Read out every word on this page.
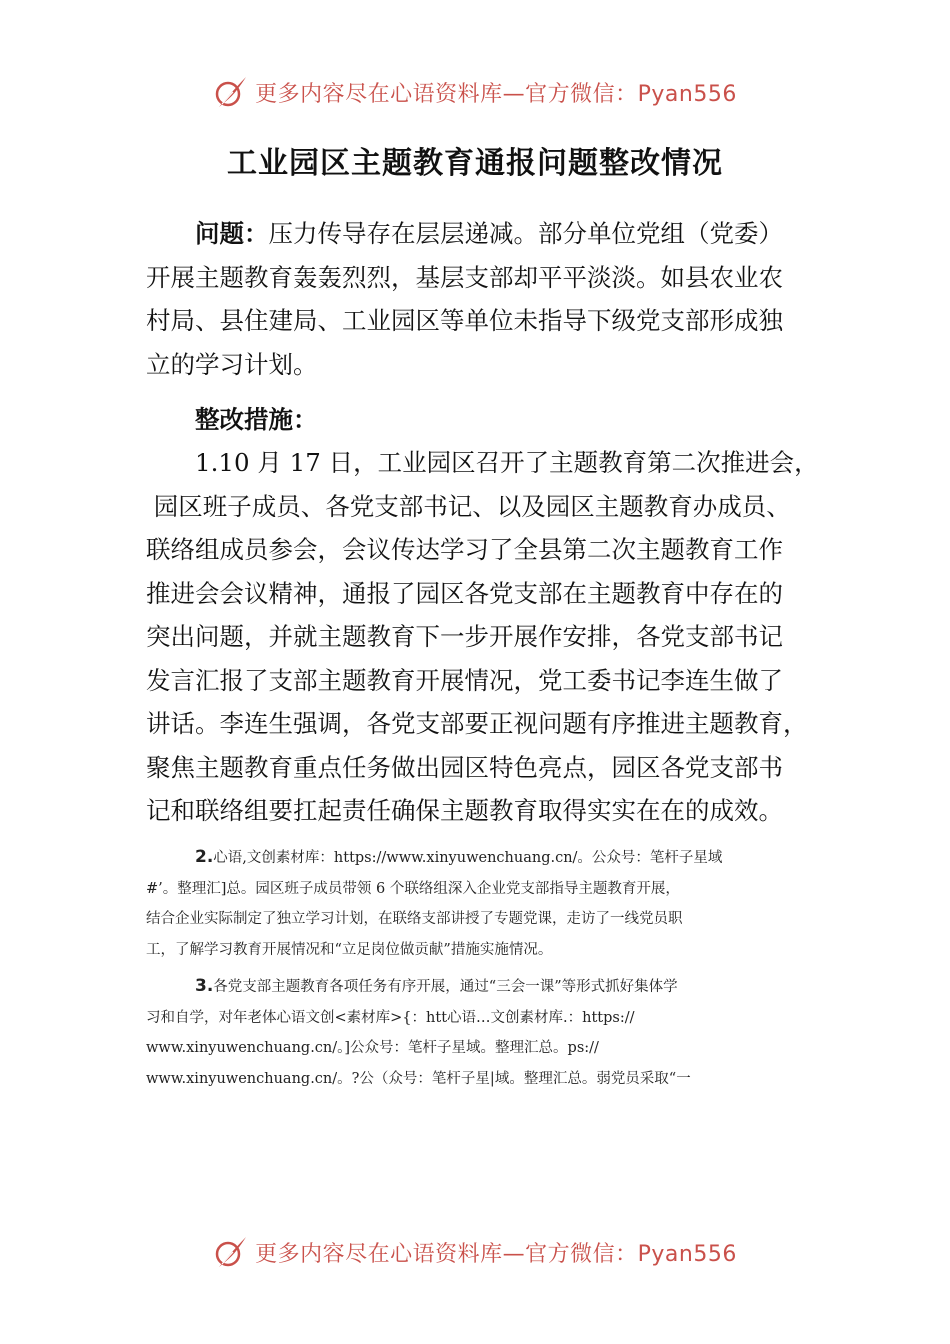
更多内容尽在心语资料库—官方微信：Pyan556
工业园区主题教育通报问题整改情况
问题：压力传导存在层层递减。部分单位党组（党委）
开展主题教育轰轰烈烈，基层支部却平平淡淡。如县农业农
村局、县住建局、工业园区等单位未指导下级党支部形成独
立的学习计划。
整改措施：
1.10 月 17 日，工业园区召开了主题教育第二次推进会，
园区班子成员、各党支部书记、以及园区主题教育办成员、
联络组成员参会，会议传达学习了全县第二次主题教育工作
推进会会议精神，通报了园区各党支部在主题教育中存在的
突出问题，并就主题教育下一步开展作安排，各党支部书记
发言汇报了支部主题教育开展情况，党工委书记李连生做了
讲话。李连生强调，各党支部要正视问题有序推进主题教育，
聚焦主题教育重点任务做出园区特色亮点，园区各党支部书
记和联络组要扛起责任确保主题教育取得实实在在的成效。
2.心语,文创素材库：https://www.xinyuwenchuang.cn/。公众号：笔杆子星域
#’。整理汇]总。园区班子成员带领 6 个联络组深入企业党支部指导主题教育开展，
结合企业实际制定了独立学习计划，在联络支部讲授了专题党课，走访了一线党员职
工，了解学习教育开展情况和“立足岗位做贡献”措施实施情况。
3.各党支部主题教育各项任务有序开展，通过“三会一课”等形式抓好集体学
习和自学，对年老体心语文创<素材库>{：htt心语…文创素材库.：https://
www.xinyuwenchuang.cn/。]公众号：笔杆子星域。整理汇总。ps://
www.xinyuwenchuang.cn/。?公（众号：笔杆子星|域。整理汇总。弱党员采取“一
更多内容尽在心语资料库—官方微信：Pyan556
